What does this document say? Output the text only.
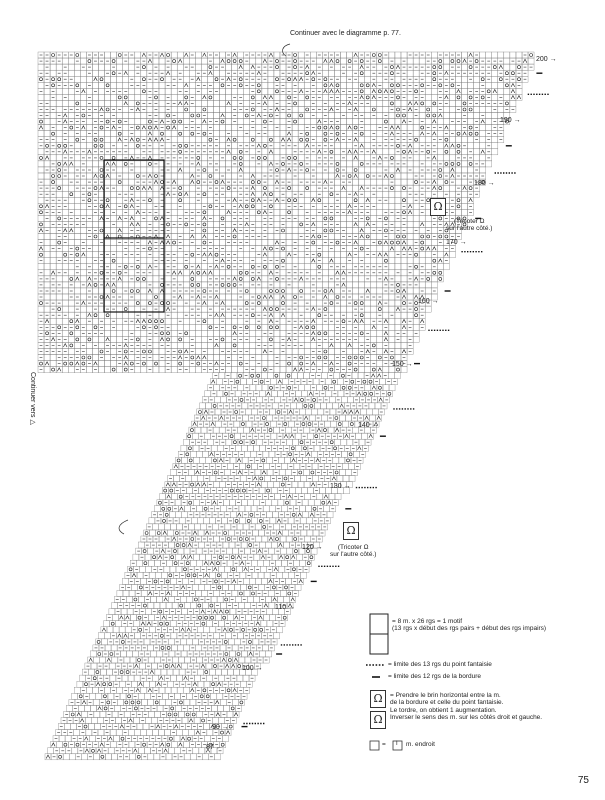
Continuer avec le diagramme p. 77.
Continuer vers △
Ω
(Tricoter Ω
sur l'autre côté.)
Ω
(Tricoter Ω
sur l'autre côté.)
200 →
190 →
180 →
170 →
160 →
150 →
140 →
130 →
120 →
110 →
100 →
90 →
87 ←
= 8 m. x 26 rgs = 1 motif
(13 rgs x début des rgs pairs + début des rgs impairs)
= limite des 13 rgs du point fantaisie
= limite des 12 rgs de la bordure
Ω
Ω
= Prendre le brin horizontal entre la m.
de la bordure et celle du point fantaisie.
Le tordre, on obtient 1 augmentation.
Inverser le sens des m. sur les côtés droit et gauche.
= I m. endroit
75
